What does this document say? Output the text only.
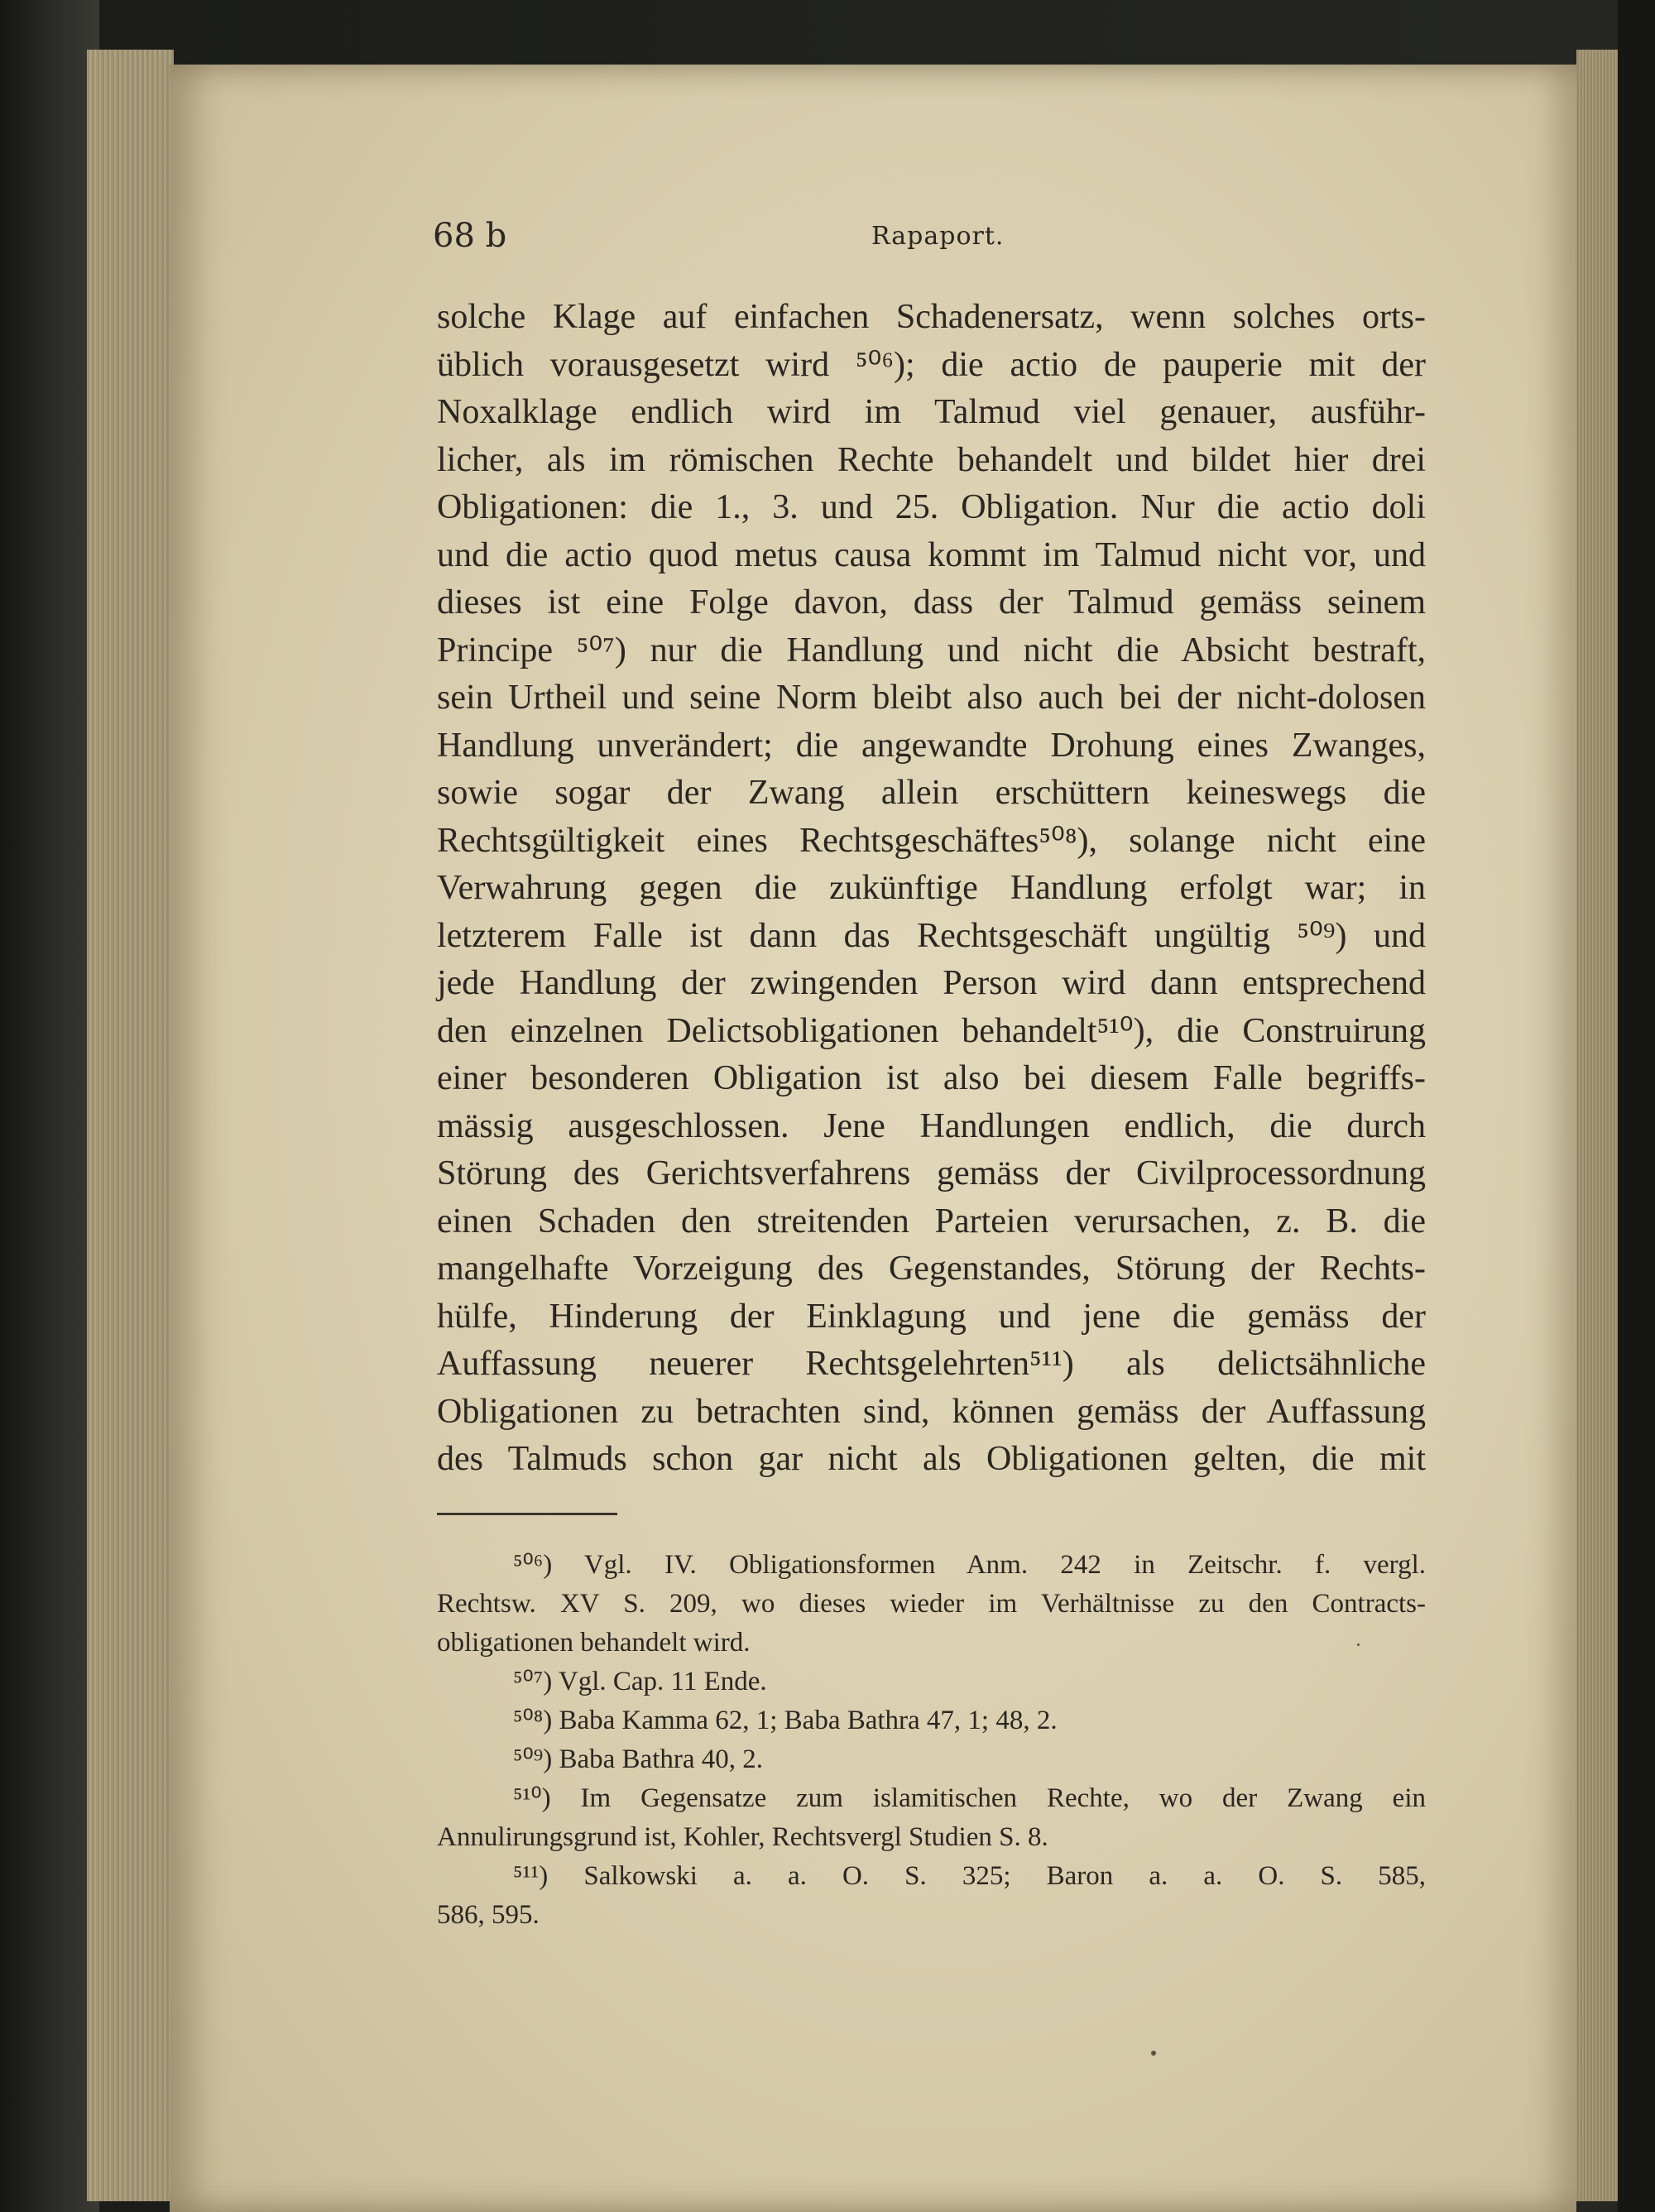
68 b	Rapaport.
solche Klage auf einfachen Schadenersatz, wenn solches orts-
üblich vorausgesetzt wird ⁵⁰⁶); die actio de pauperie mit der
Noxalklage endlich wird im Talmud viel genauer, ausführ-
licher, als im römischen Rechte behandelt und bildet hier drei
Obligationen: die 1., 3. und 25. Obligation. Nur die actio doli
und die actio quod metus causa kommt im Talmud nicht vor, und
dieses ist eine Folge davon, dass der Talmud gemäss seinem
Principe ⁵⁰⁷) nur die Handlung und nicht die Absicht bestraft,
sein Urtheil und seine Norm bleibt also auch bei der nicht-dolosen
Handlung unverändert; die angewandte Drohung eines Zwanges,
sowie sogar der Zwang allein erschüttern keineswegs die
Rechtsgültigkeit eines Rechtsgeschäftes⁵⁰⁸), solange nicht eine
Verwahrung gegen die zukünftige Handlung erfolgt war; in
letzterem Falle ist dann das Rechtsgeschäft ungültig ⁵⁰⁹) und
jede Handlung der zwingenden Person wird dann entsprechend
den einzelnen Delictsobligationen behandelt⁵¹⁰), die Construirung
einer besonderen Obligation ist also bei diesem Falle begriffs-
mässig ausgeschlossen. Jene Handlungen endlich, die durch
Störung des Gerichtsverfahrens gemäss der Civilprocessordnung
einen Schaden den streitenden Parteien verursachen, z. B. die
mangelhafte Vorzeigung des Gegenstandes, Störung der Rechts-
hülfe, Hinderung der Einklagung und jene die gemäss der
Auffassung neuerer Rechtsgelehrten⁵¹¹) als delictsähnliche
Obligationen zu betrachten sind, können gemäss der Auffassung
des Talmuds schon gar nicht als Obligationen gelten, die mit
⁵⁰⁶) Vgl. IV. Obligationsformen Anm. 242 in Zeitschr. f. vergl.
Rechtsw. XV S. 209, wo dieses wieder im Verhältnisse zu den Contracts-
obligationen behandelt wird.
⁵⁰⁷) Vgl. Cap. 11 Ende.
⁵⁰⁸) Baba Kamma 62, 1; Baba Bathra 47, 1; 48, 2.
⁵⁰⁹) Baba Bathra 40, 2.
⁵¹⁰) Im Gegensatze zum islamitischen Rechte, wo der Zwang ein
Annulirungsgrund ist, Kohler, Rechtsvergl Studien S. 8.
⁵¹¹) Salkowski a. a. O. S. 325; Baron a. a. O. S. 585,
586, 595.
